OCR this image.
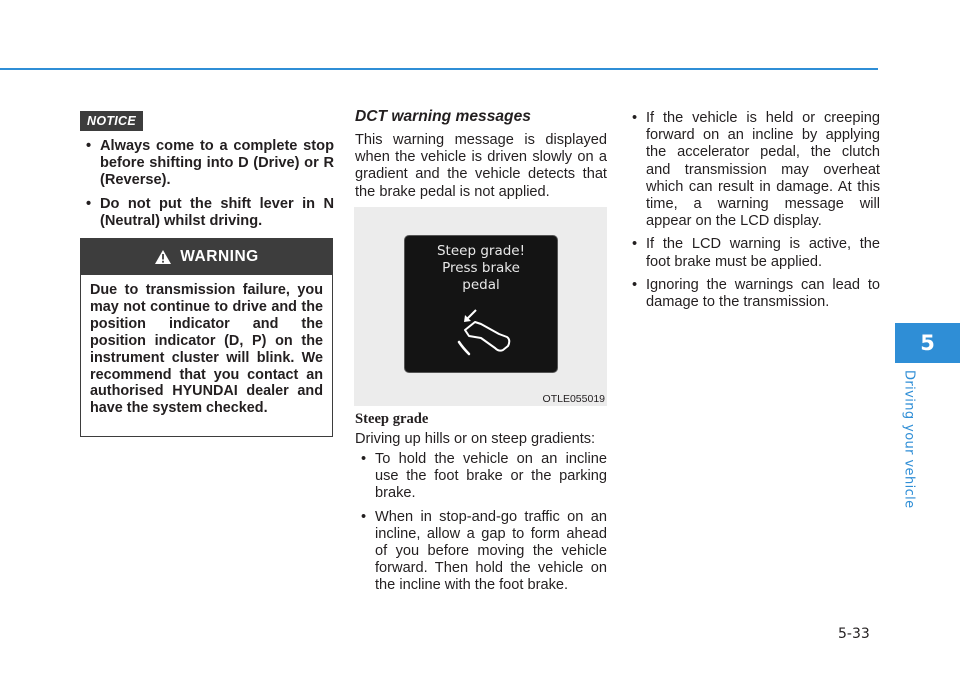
NOTICE
• Always come to a complete stop before shifting into D (Drive) or R (Reverse).
• Do not put the shift lever in N (Neutral) whilst driving.
WARNING
Due to transmission failure, you may not continue to drive and the position indicator and the position indicator (D, P) on the instrument cluster will blink. We recommend that you contact an authorised HYUNDAI dealer and have the system checked.
DCT warning messages
This warning message is displayed when the vehicle is driven slowly on a gradient and the vehicle detects that the brake pedal is not applied.
Steep grade!
Press brake
pedal
OTLE055019
Steep grade
Driving up hills or on steep gradients:
• To hold the vehicle on an incline use the foot brake or the parking brake.
• When in stop-and-go traffic on an incline, allow a gap to form ahead of you before moving the vehicle forward. Then hold the vehicle on the incline with the foot brake.
• If the vehicle is held or creeping forward on an incline by applying the accelerator pedal, the clutch and transmission may overheat which can result in damage. At this time, a warning message will appear on the LCD display.
• If the LCD warning is active, the foot brake must be applied.
• Ignoring the warnings can lead to damage to the transmission.
5
Driving your vehicle
5-33
